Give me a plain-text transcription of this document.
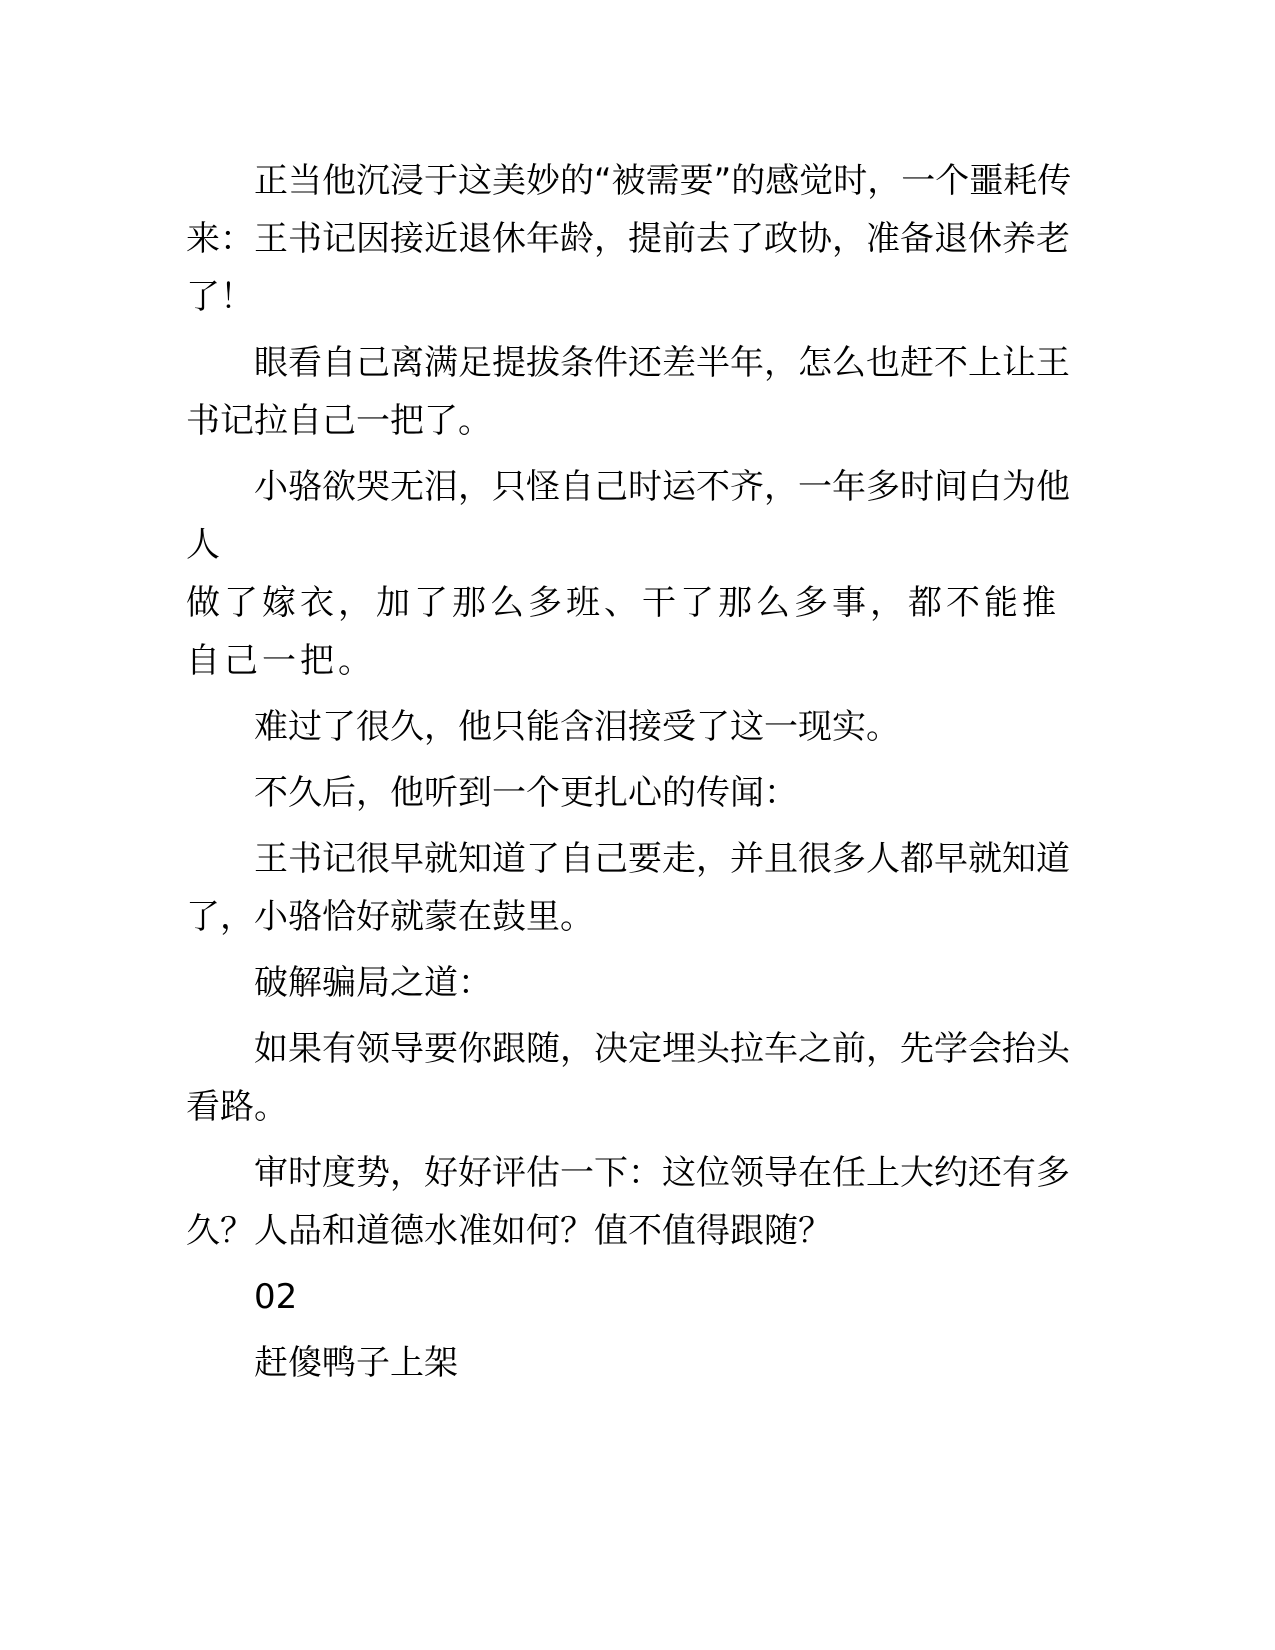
正当他沉浸于这美妙的“被需要”的感觉时，一个噩耗传来：王书记因接近退休年龄，提前去了政协，准备退休养老了！

眼看自己离满足提拔条件还差半年，怎么也赶不上让王书记拉自己一把了。

小骆欲哭无泪，只怪自己时运不齐，一年多时间白为他人

做了嫁衣，加了那么多班、干了那么多事，都不能推自己一把。

难过了很久，他只能含泪接受了这一现实。

不久后，他听到一个更扎心的传闻：

王书记很早就知道了自己要走，并且很多人都早就知道了，小骆恰好就蒙在鼓里。

破解骗局之道：

如果有领导要你跟随，决定埋头拉车之前，先学会抬头看路。

审时度势，好好评估一下：这位领导在任上大约还有多久？人品和道德水准如何？值不值得跟随？

02

赶傻鸭子上架
